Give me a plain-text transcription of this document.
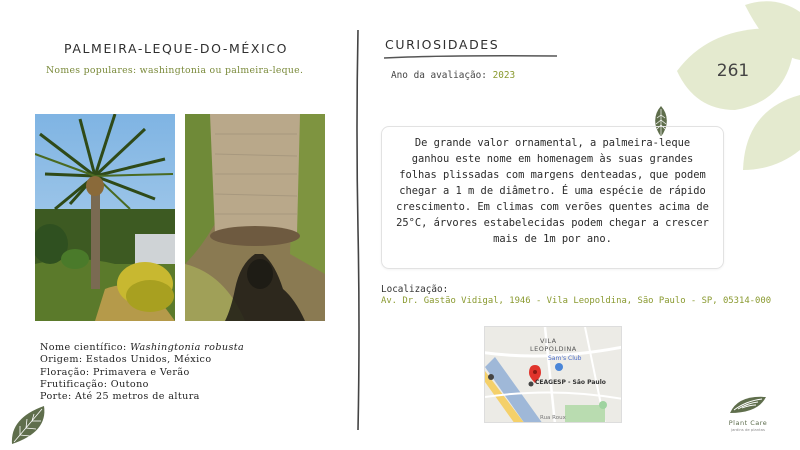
PALMEIRA-LEQUE-DO-MÉXICO
Nomes populares: washingtonia ou palmeira-leque.
Nome científico: Washingtonia robusta
Origem: Estados Unidos, México
Floração: Primavera e Verão
Frutificação: Outono
Porte: Até 25 metros de altura
CURIOSIDADES
Ano da avaliação: 2023	261

De grande valor ornamental, a palmeira-leque ganhou este nome em homenagem às suas grandes folhas plissadas com margens denteadas, que podem chegar a 1 m de diâmetro. É uma espécie de rápido crescimento. Em climas com verões quentes acima de 25°C, árvores estabelecidas podem chegar a crescer mais de 1m por ano.

Localização:
Av. Dr. Gastão Vidigal, 1946 - Vila Leopoldina, São Paulo - SP, 05314-000
VILA
LEOPOLDINA
Sam's Club
CEAGESP - São Paulo
Rua Roux
Plant Care
jardins de plantas
